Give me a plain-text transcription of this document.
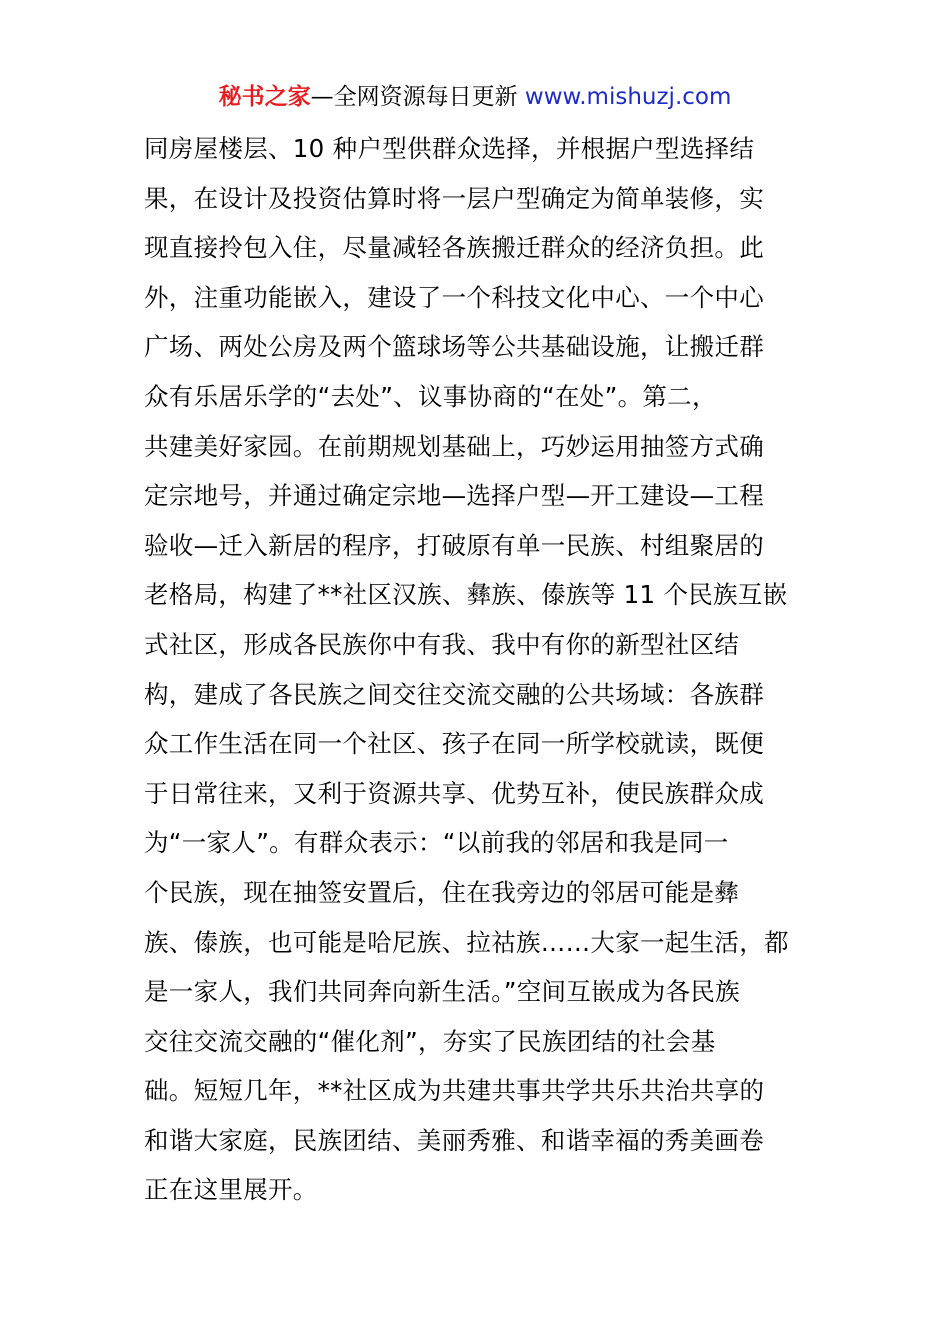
秘书之家—全网资源每日更新 www.mishuzj.com
同房屋楼层、10 种户型供群众选择，并根据户型选择结
果，在设计及投资估算时将一层户型确定为简单装修，实
现直接拎包入住，尽量减轻各族搬迁群众的经济负担。此
外，注重功能嵌入，建设了一个科技文化中心、一个中心
广场、两处公房及两个篮球场等公共基础设施，让搬迁群
众有乐居乐学的“去处”、议事协商的“在处”。第二，
共建美好家园。在前期规划基础上，巧妙运用抽签方式确
定宗地号，并通过确定宗地—选择户型—开工建设—工程
验收—迁入新居的程序，打破原有单一民族、村组聚居的
老格局，构建了**社区汉族、彝族、傣族等 11 个民族互嵌
式社区，形成各民族你中有我、我中有你的新型社区结
构，建成了各民族之间交往交流交融的公共场域：各族群
众工作生活在同一个社区、孩子在同一所学校就读，既便
于日常往来，又利于资源共享、优势互补，使民族群众成
为“一家人”。有群众表示：“以前我的邻居和我是同一
个民族，现在抽签安置后，住在我旁边的邻居可能是彝
族、傣族，也可能是哈尼族、拉祜族……大家一起生活，都
是一家人，我们共同奔向新生活。”空间互嵌成为各民族
交往交流交融的“催化剂”，夯实了民族团结的社会基
础。短短几年，**社区成为共建共事共学共乐共治共享的
和谐大家庭，民族团结、美丽秀雅、和谐幸福的秀美画卷
正在这里展开。
